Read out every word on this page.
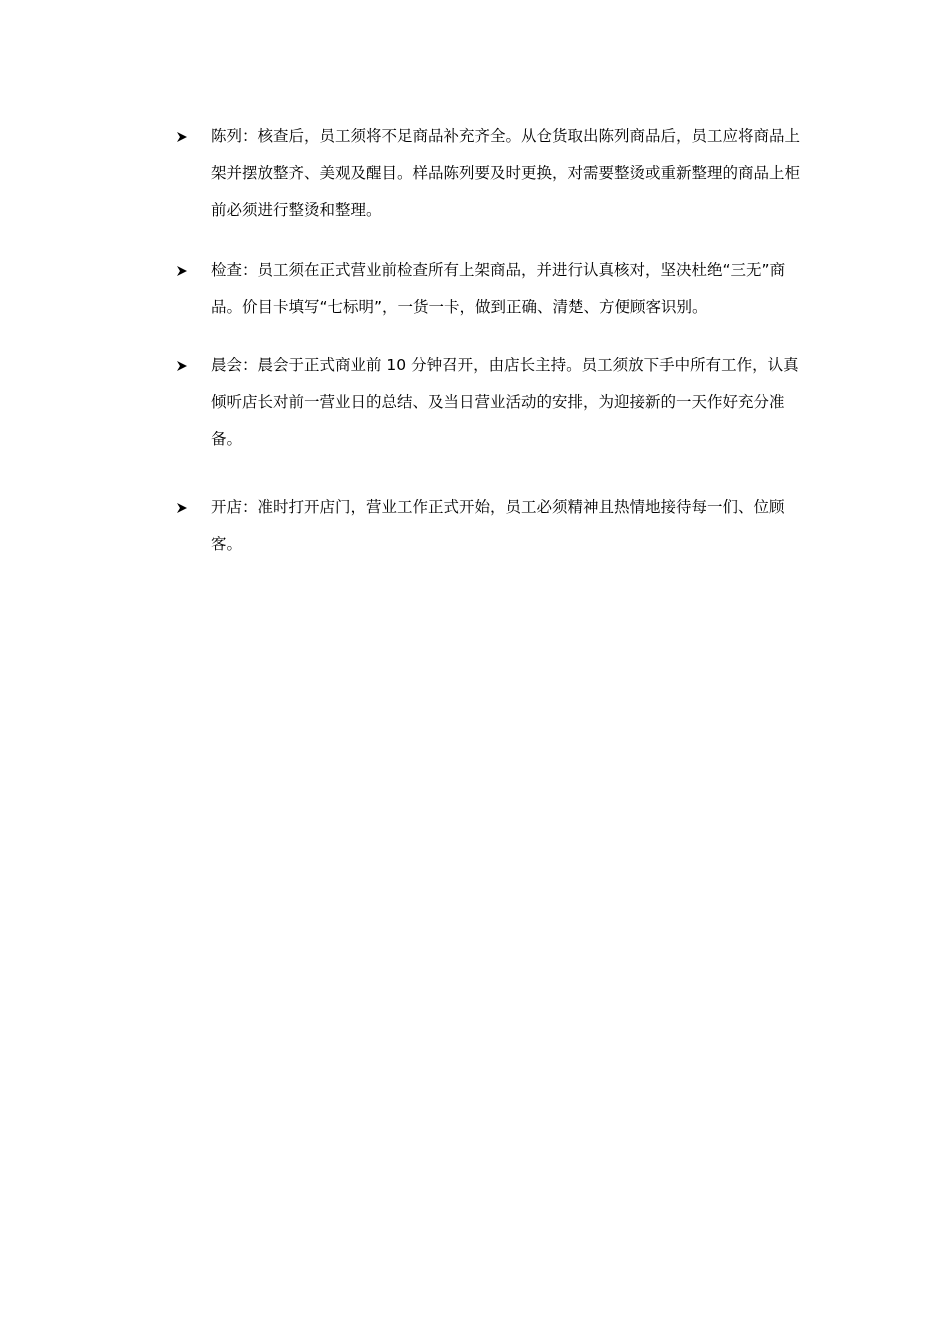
陈列：核查后，员工须将不足商品补充齐全。从仓货取出陈列商品后，员工应将商品上架并摆放整齐、美观及醒目。样品陈列要及时更换，对需要整烫或重新整理的商品上柜前必须进行整烫和整理。
检查：员工须在正式营业前检查所有上架商品，并进行认真核对，坚决杜绝“三无”商品。价目卡填写“七标明”，一货一卡，做到正确、清楚、方便顾客识别。
晨会：晨会于正式商业前 10 分钟召开，由店长主持。员工须放下手中所有工作，认真倾听店长对前一营业日的总结、及当日营业活动的安排，为迎接新的一天作好充分准备。
开店：准时打开店门，营业工作正式开始，员工必须精神且热情地接待每一们、位顾客。
